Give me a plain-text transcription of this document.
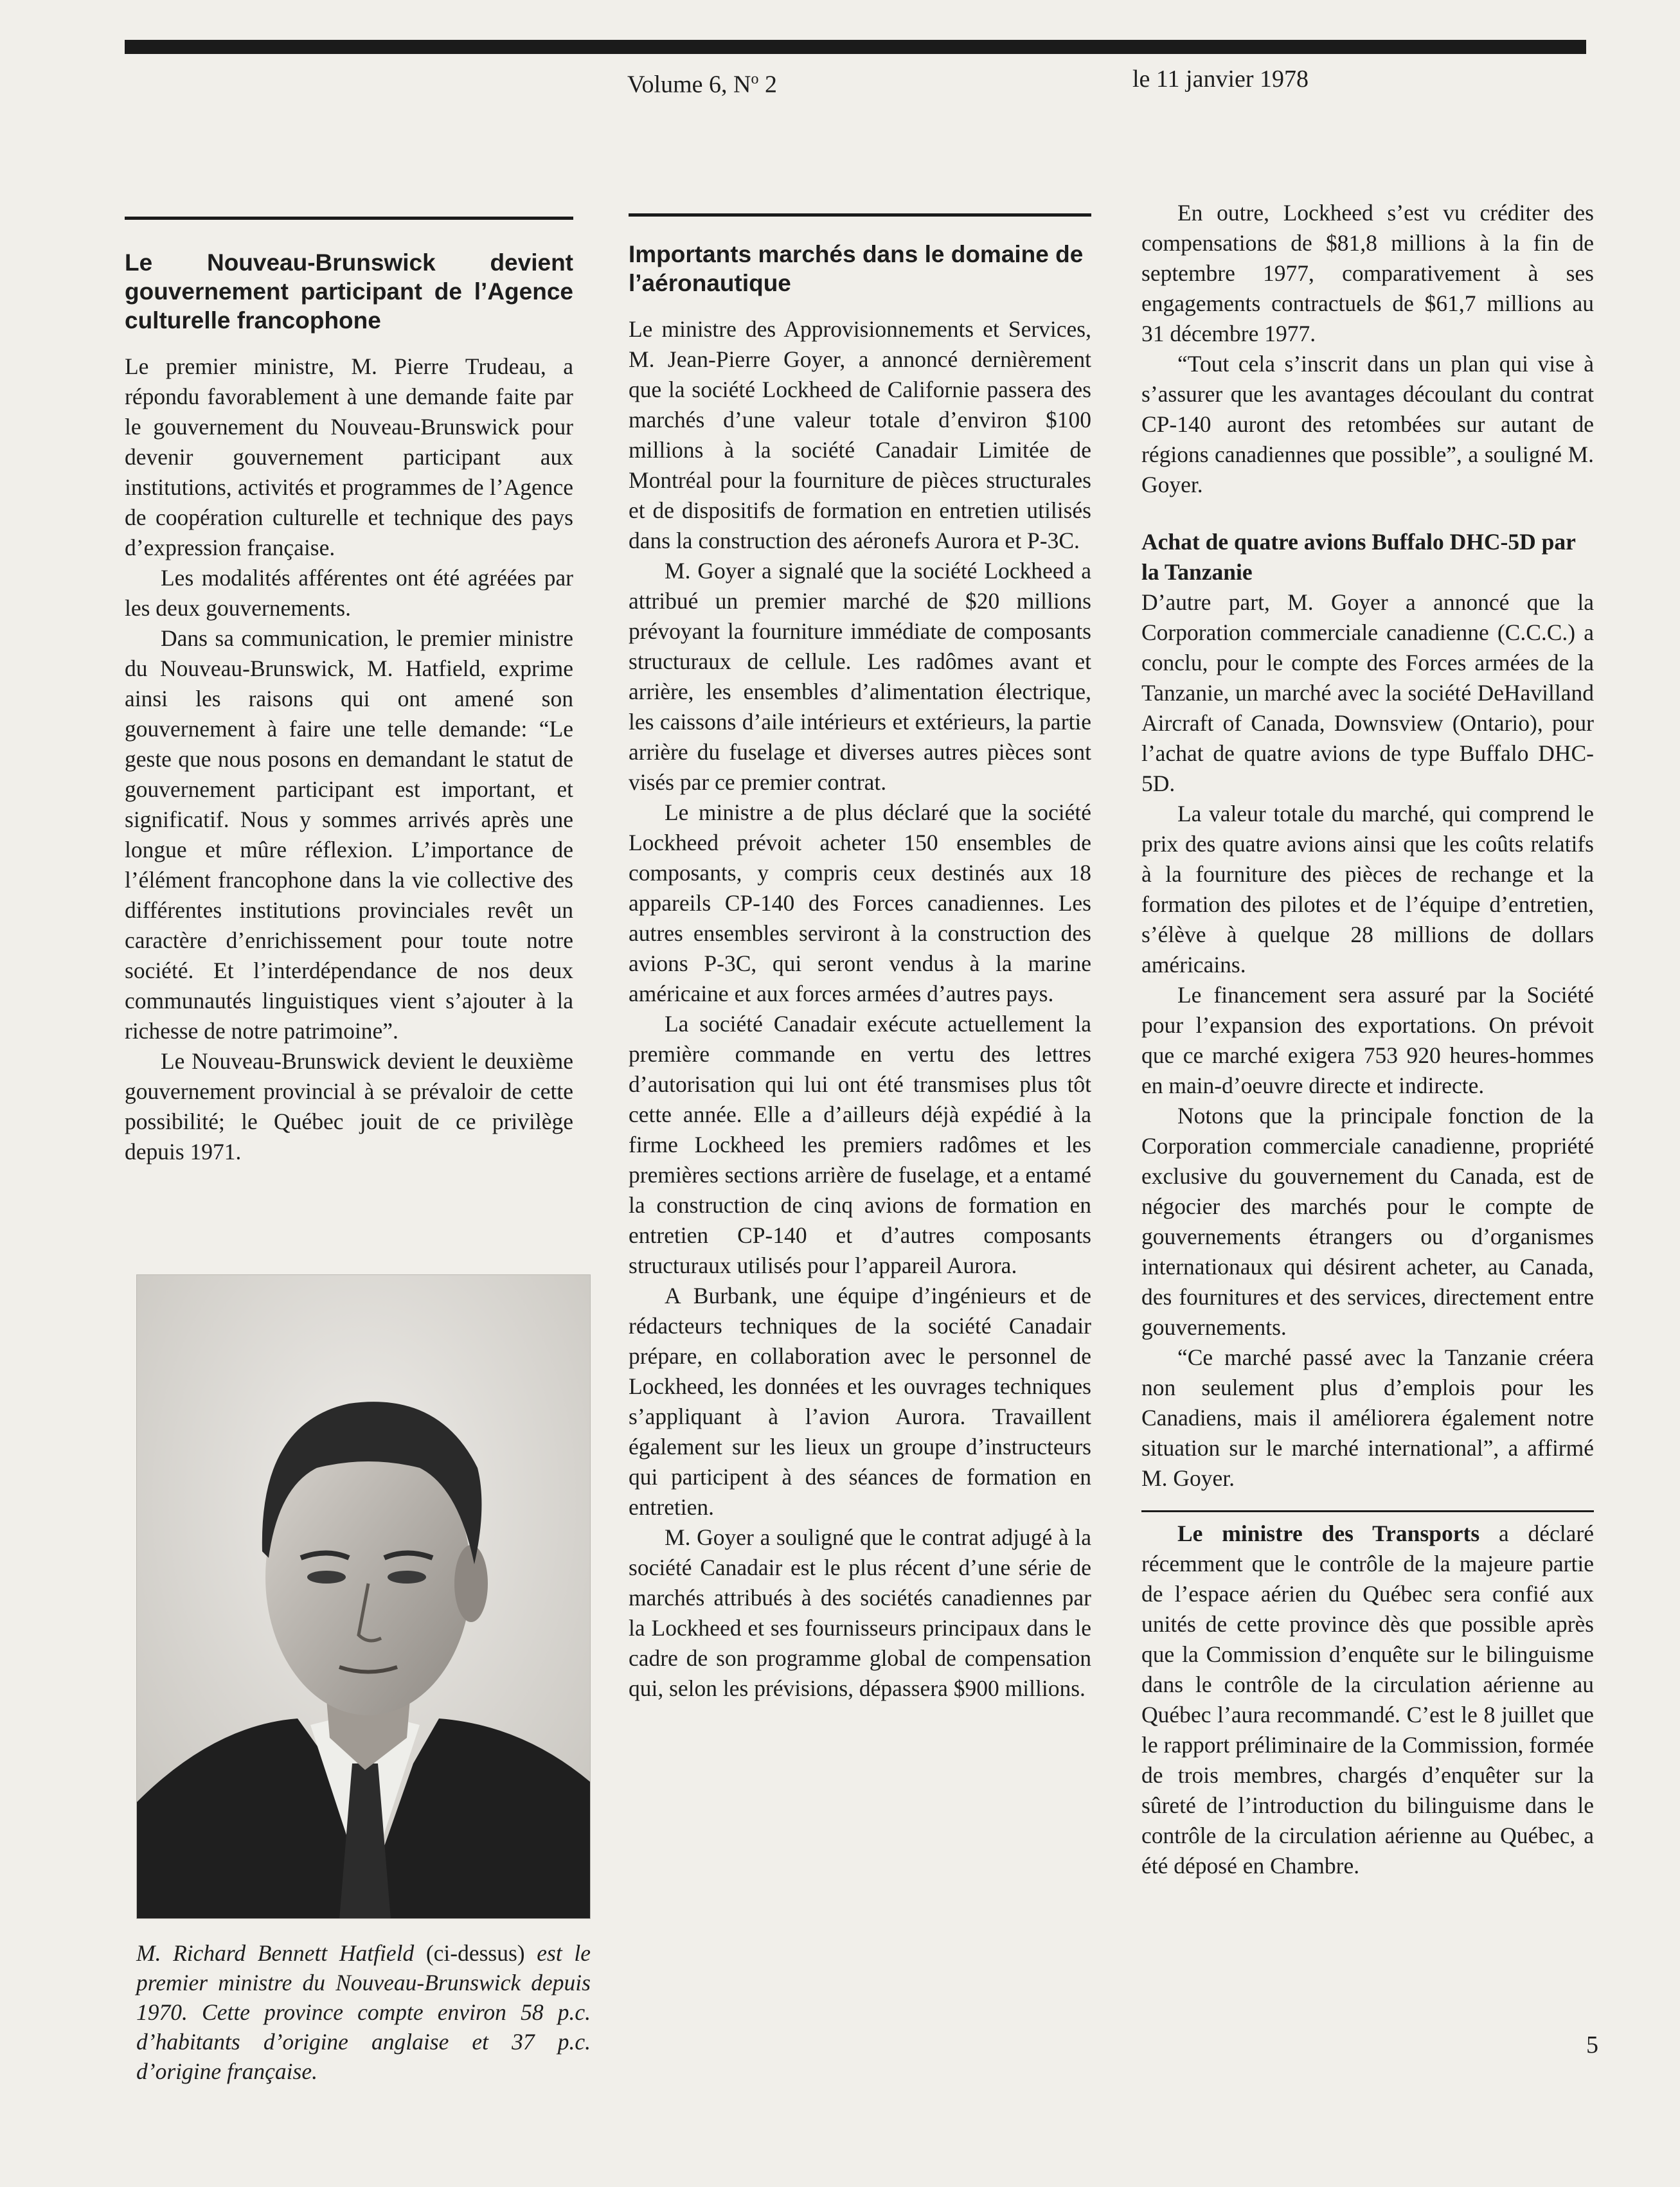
Volume 6, $N^o$ 2	le 11 janvier 1978
Le Nouveau-Brunswick devient gouvernement participant de l’Agence culturelle francophone

Le premier ministre, M. Pierre Trudeau, a répondu favorablement à une demande faite par le gouvernement du Nouveau-Brunswick pour devenir gouvernement participant aux institutions, activités et programmes de l’Agence de coopération culturelle et technique des pays d’expression française.

Les modalités afférentes ont été agréées par les deux gouvernements.

Dans sa communication, le premier ministre du Nouveau-Brunswick, M. Hatfield, exprime ainsi les raisons qui ont amené son gouvernement à faire une telle demande: “Le geste que nous posons en demandant le statut de gouvernement participant est important, et significatif. Nous y sommes arrivés après une longue et mûre réflexion. L’importance de l’élément francophone dans la vie collective des différentes institutions provinciales revêt un caractère d’enrichissement pour toute notre société. Et l’interdépendance de nos deux communautés linguistiques vient s’ajouter à la richesse de notre patrimoine”.

Le Nouveau-Brunswick devient le deuxième gouvernement provincial à se prévaloir de cette possibilité; le Québec jouit de ce privilège depuis 1971.

M. Richard Bennett Hatfield (ci-dessus) est le premier ministre du Nouveau-Brunswick depuis 1970. Cette province compte environ 58 p.c. d’habitants d’origine anglaise et 37 p.c. d’origine française.
Importants marchés dans le domaine de l’aéronautique

Le ministre des Approvisionnements et Services, M. Jean-Pierre Goyer, a annoncé dernièrement que la société Lockheed de Californie passera des marchés d’une valeur totale d’environ $100 millions à la société Canadair Limitée de Montréal pour la fourniture de pièces structurales et de dispositifs de formation en entretien utilisés dans la construction des aéronefs Aurora et P-3C.

M. Goyer a signalé que la société Lockheed a attribué un premier marché de $20 millions prévoyant la fourniture immédiate de composants structuraux de cellule. Les radômes avant et arrière, les ensembles d’alimentation électrique, les caissons d’aile intérieurs et extérieurs, la partie arrière du fuselage et diverses autres pièces sont visés par ce premier contrat.

Le ministre a de plus déclaré que la société Lockheed prévoit acheter 150 ensembles de composants, y compris ceux destinés aux 18 appareils CP-140 des Forces canadiennes. Les autres ensembles serviront à la construction des avions P-3C, qui seront vendus à la marine américaine et aux forces armées d’autres pays.

La société Canadair exécute actuellement la première commande en vertu des lettres d’autorisation qui lui ont été transmises plus tôt cette année. Elle a d’ailleurs déjà expédié à la firme Lockheed les premiers radômes et les premières sections arrière de fuselage, et a entamé la construction de cinq avions de formation en entretien CP-140 et d’autres composants structuraux utilisés pour l’appareil Aurora.

A Burbank, une équipe d’ingénieurs et de rédacteurs techniques de la société Canadair prépare, en collaboration avec le personnel de Lockheed, les données et les ouvrages techniques s’appliquant à l’avion Aurora. Travaillent également sur les lieux un groupe d’instructeurs qui participent à des séances de formation en entretien.

M. Goyer a souligné que le contrat adjugé à la société Canadair est le plus récent d’une série de marchés attribués à des sociétés canadiennes par la Lockheed et ses fournisseurs principaux dans le cadre de son programme global de compensation qui, selon les prévisions, dépassera $900 millions.

En outre, Lockheed s’est vu créditer des compensations de $81,8 millions à la fin de septembre 1977, comparativement à ses engagements contractuels de $61,7 millions au 31 décembre 1977.

“Tout cela s’inscrit dans un plan qui vise à s’assurer que les avantages découlant du contrat CP-140 auront des retombées sur autant de régions canadiennes que possible”, a souligné M. Goyer.

Achat de quatre avions Buffalo DHC-5D par la Tanzanie

D’autre part, M. Goyer a annoncé que la Corporation commerciale canadienne (C.C.C.) a conclu, pour le compte des Forces armées de la Tanzanie, un marché avec la société DeHavilland Aircraft of Canada, Downsview (Ontario), pour l’achat de quatre avions de type Buffalo DHC-5D.

La valeur totale du marché, qui comprend le prix des quatre avions ainsi que les coûts relatifs à la fourniture des pièces de rechange et la formation des pilotes et de l’équipe d’entretien, s’élève à quelque 28 millions de dollars américains.

Le financement sera assuré par la Société pour l’expansion des exportations. On prévoit que ce marché exigera 753 920 heures-hommes en main-d’oeuvre directe et indirecte.

Notons que la principale fonction de la Corporation commerciale canadienne, propriété exclusive du gouvernement du Canada, est de négocier des marchés pour le compte de gouvernements étrangers ou d’organismes internationaux qui désirent acheter, au Canada, des fournitures et des services, directement entre gouvernements.

“Ce marché passé avec la Tanzanie créera non seulement plus d’emplois pour les Canadiens, mais il améliorera également notre situation sur le marché international”, a affirmé M. Goyer.

Le ministre des Transports a déclaré récemment que le contrôle de la majeure partie de l’espace aérien du Québec sera confié aux unités de cette province dès que possible après que la Commission d’enquête sur le bilinguisme dans le contrôle de la circulation aérienne au Québec l’aura recommandé. C’est le 8 juillet que le rapport préliminaire de la Commission, formée de trois membres, chargés d’enquêter sur la sûreté de l’introduction du bilinguisme dans le contrôle de la circulation aérienne au Québec, a été déposé en Chambre.

5
